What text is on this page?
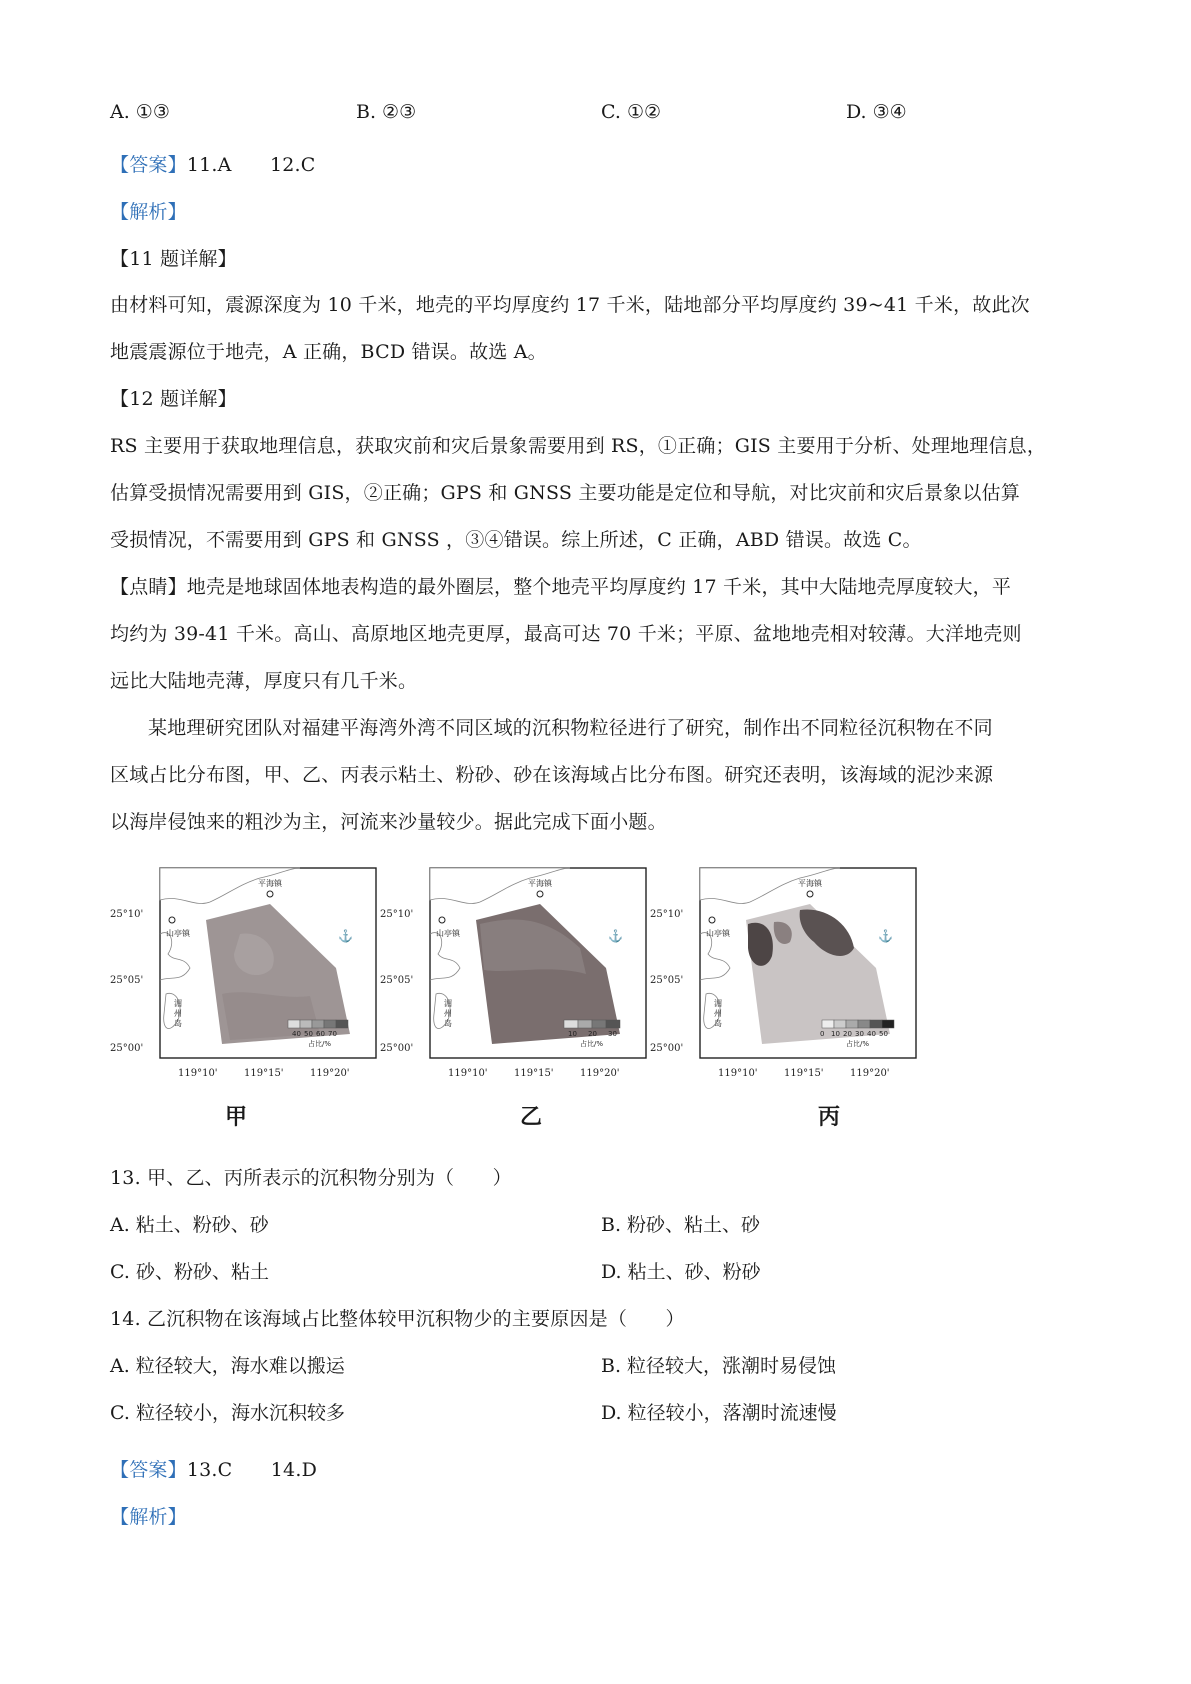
A. ①③	B. ②③	C. ①②	D. ③④
【答案】11.A　　12.C
【解析】
【11 题详解】
由材料可知，震源深度为 10 千米，地壳的平均厚度约 17 千米，陆地部分平均厚度约 39~41 千米，故此次
地震震源位于地壳，A 正确，BCD 错误。故选 A。
【12 题详解】
RS 主要用于获取地理信息，获取灾前和灾后景象需要用到 RS，①正确；GIS 主要用于分析、处理地理信息，
估算受损情况需要用到 GIS，②正确；GPS 和 GNSS 主要功能是定位和导航，对比灾前和灾后景象以估算
受损情况，不需要用到 GPS 和 GNSS ，③④错误。综上所述，C 正确，ABD 错误。故选 C。
【点睛】地壳是地球固体地表构造的最外圈层，整个地壳平均厚度约 17 千米，其中大陆地壳厚度较大，平
均约为 39-41 千米。高山、高原地区地壳更厚，最高可达 70 千米；平原、盆地地壳相对较薄。大洋地壳则
远比大陆地壳薄，厚度只有几千米。
某地理研究团队对福建平海湾外湾不同区域的沉积物粒径进行了研究，制作出不同粒径沉积物在不同
区域占比分布图，甲、乙、丙表示粘土、粉砂、砂在该海域占比分布图。研究还表明，该海域的泥沙来源
以海岸侵蚀来的粗沙为主，河流来沙量较少。据此完成下面小题。
平海镇
山亭镇
湄
州
岛
⚓
40 50 60 70
占比/%
25°10'
25°05'
25°00'
119°10'	119°15'	119°20'
甲
平海镇
山亭镇
湄
州
岛
⚓
10 20 30
占比/%
25°10'
25°05'
25°00'
119°10'	119°15'	119°20'
乙
平海镇
山亭镇
湄
州
岛
⚓
0 10 20 30 40 50
占比/%
25°10'
25°05'
25°00'
119°10'	119°15'	119°20'
丙
13. 甲、乙、丙所表示的沉积物分别为（　　）
A. 粘土、粉砂、砂	B. 粉砂、粘土、砂
C. 砂、粉砂、粘土	D. 粘土、砂、粉砂
14. 乙沉积物在该海域占比整体较甲沉积物少的主要原因是（　　）
A. 粒径较大，海水难以搬运	B. 粒径较大，涨潮时易侵蚀
C. 粒径较小，海水沉积较多	D. 粒径较小，落潮时流速慢
【答案】13.C　　14.D
【解析】
